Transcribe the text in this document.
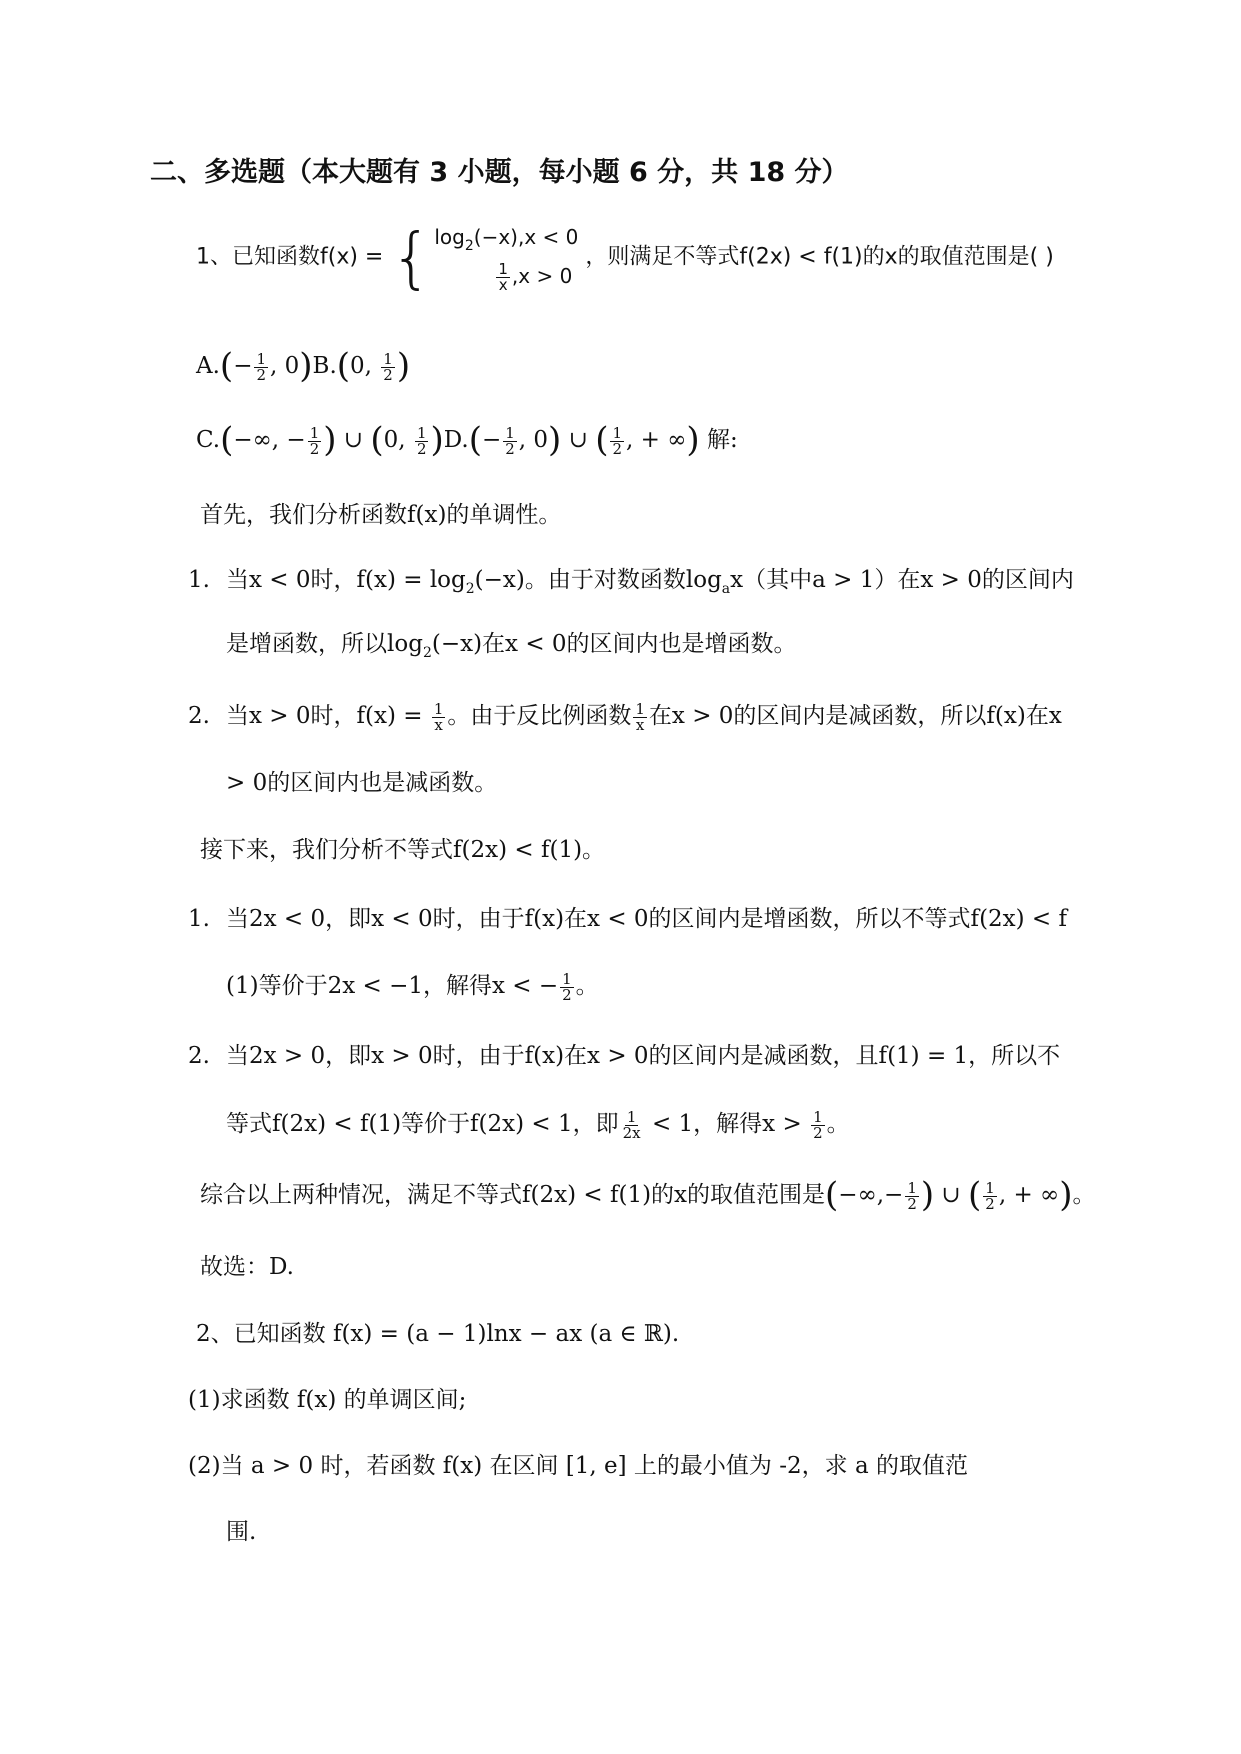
二、多选题（本大题有 3 小题，每小题 6 分，共 18 分）
1、已知函数f(x) = { $\log_2(-x),x < 0$
$\frac{1}{x} ,x > 0$
，则满足不等式f(2x) < f(1)的x的取值范围是( )
$A.(- \frac{1}{2}$ , 0)B.(0, $\frac{1}{2}$ )
C.(−∞, − $\frac{1}{2}$ ) ∪ (0, $\frac{1}{2} )D.(- \frac{1}{2}$ , 0) ∪ ( $\frac{1}{2}$ , + ∞) 解:
首先，我们分析函数f(x)的单调性。
1. 当x < 0时，$f(x) = \log_2(-x)$。由于对数函数$\log_ax$（其中a > 1）在x > 0的区间内
是增函数，所以$\log_2(-x)$在x < 0的区间内也是增函数。
2. 当x > 0时，$f(x) = \frac{1}{x}$ 。由于反比例函数 $\frac{1}{x}$ 在x > 0的区间内是减函数，所以f(x)在x
> 0的区间内也是减函数。
接下来，我们分析不等式f(2x) < f(1)。
1. 当2x < 0，即x < 0时，由于f(x)在x < 0的区间内是增函数，所以不等式f(2x) < f
(1)等价于2x < −1，解得x < − $\frac{1}{2}$ 。
2. 当2x > 0，即x > 0时，由于f(x)在x > 0的区间内是减函数，且f(1) = 1，所以不
等式f(2x) < f(1)等价于f(2x) < 1，即 $\frac{1}{2x} < 1$，解得$x > \frac{1}{2}$ 。
综合以上两种情况，满足不等式f(2x) < f(1)的x的取值范围是(−∞,− $\frac{1}{2}$ ) ∪ ( $\frac{1}{2}$ , + ∞)。
故选：D.
2、已知函数 f(x) = (a − 1)lnx − ax (a ∈ ℝ).
(1)求函数 f(x) 的单调区间;
(2)当 a > 0 时，若函数 f(x) 在区间 [1, e] 上的最小值为 -2，求 a 的取值范
围.
